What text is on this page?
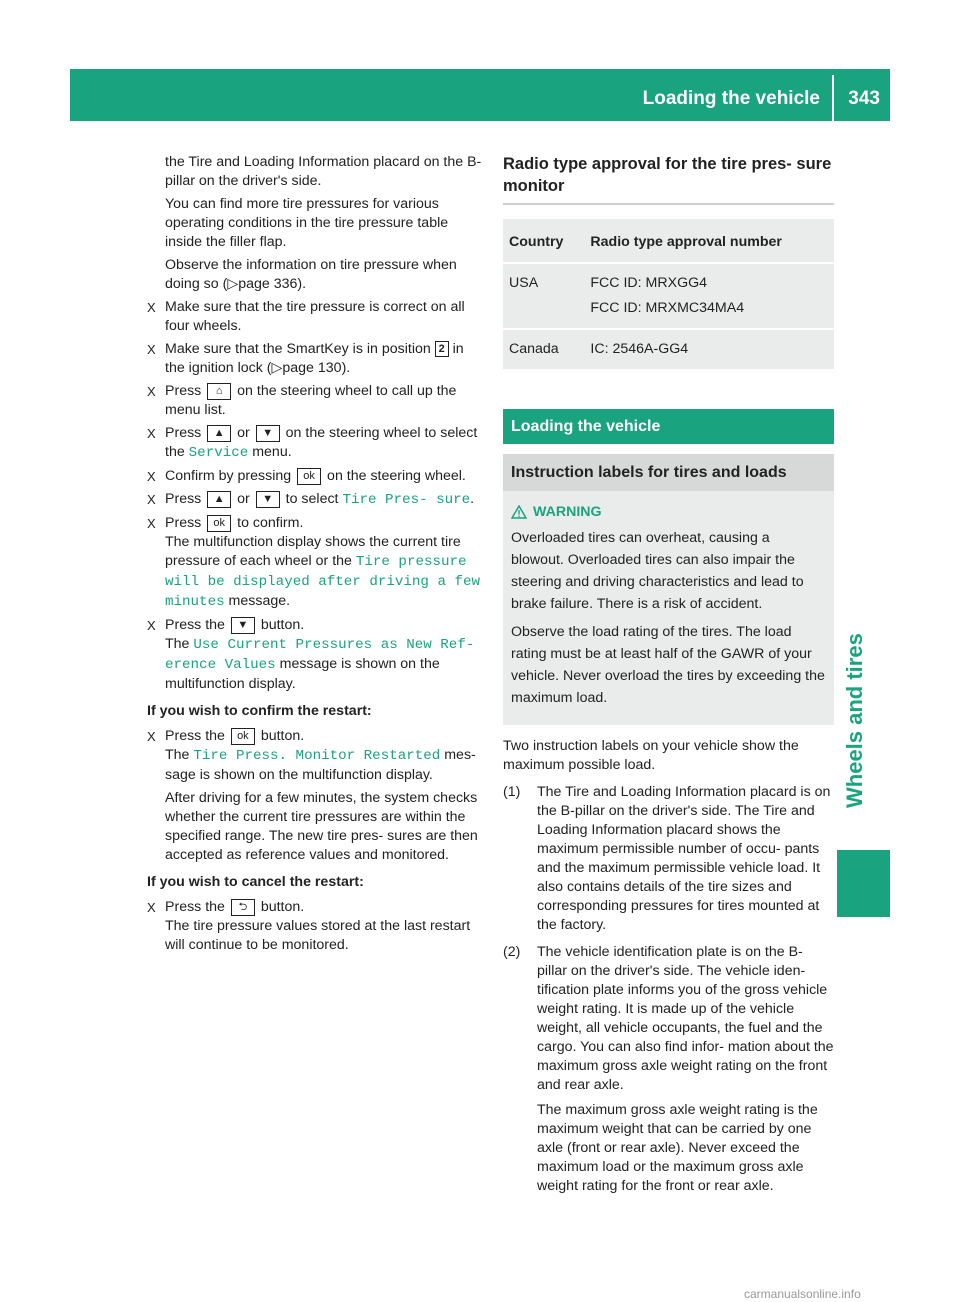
Loading the vehicle 343
Wheels and tires

the Tire and Loading Information placard on the B-pillar on the driver's side.

You can find more tire pressures for various operating conditions in the tire pressure table inside the filler flap.

Observe the information on tire pressure when doing so (▷page 336).

X Make sure that the tire pressure is correct on all four wheels.
X Make sure that the SmartKey is in position 2 in the ignition lock (▷page 130).
X Press ⌂ on the steering wheel to call up the menu list.
X Press ▲ or ▼ on the steering wheel to select the Service menu.
X Confirm by pressing ok on the steering wheel.
X Press ▲ or ▼ to select Tire Pres‐ sure.
X Press ok to confirm.
The multifunction display shows the current tire pressure of each wheel or the Tire pressure will be displayed after driving a few minutes message.
X Press the ▼ button.
The Use Current Pressures as New Ref‐ erence Values message is shown on the multifunction display.
If you wish to confirm the restart:
X Press the ok button.
The Tire Press. Monitor Restarted mes- sage is shown on the multifunction display.

After driving for a few minutes, the system checks whether the current tire pressures are within the specified range. The new tire pres- sures are then accepted as reference values and monitored.

If you wish to cancel the restart:
X Press the ⮌ button.
The tire pressure values stored at the last restart will continue to be monitored.
Radio type approval for the tire pres- sure monitor
Country	Radio type approval number
USA	FCC ID: MRXGG4
FCC ID: MRXMC34MA4

Canada	IC: 2546A-GG4
Loading the vehicle
Instruction labels for tires and loads
WARNING

Overloaded tires can overheat, causing a blowout. Overloaded tires can also impair the steering and driving characteristics and lead to brake failure. There is a risk of accident.

Observe the load rating of the tires. The load rating must be at least half of the GAWR of your vehicle. Never overload the tires by exceeding the maximum load.

Two instruction labels on your vehicle show the maximum possible load.

(1) The Tire and Loading Information placard is on the B-pillar on the driver's side. The Tire and Loading Information placard shows the maximum permissible number of occu- pants and the maximum permissible vehicle load. It also contains details of the tire sizes and corresponding pressures for tires mounted at the factory.

(2) The vehicle identification plate is on the B- pillar on the driver's side. The vehicle iden- tification plate informs you of the gross vehicle weight rating. It is made up of the vehicle weight, all vehicle occupants, the fuel and the cargo. You can also find infor- mation about the maximum gross axle weight rating on the front and rear axle.

The maximum gross axle weight rating is the maximum weight that can be carried by one axle (front or rear axle). Never exceed the maximum load or the maximum gross axle weight rating for the front or rear axle.

carmanualsonline.info
